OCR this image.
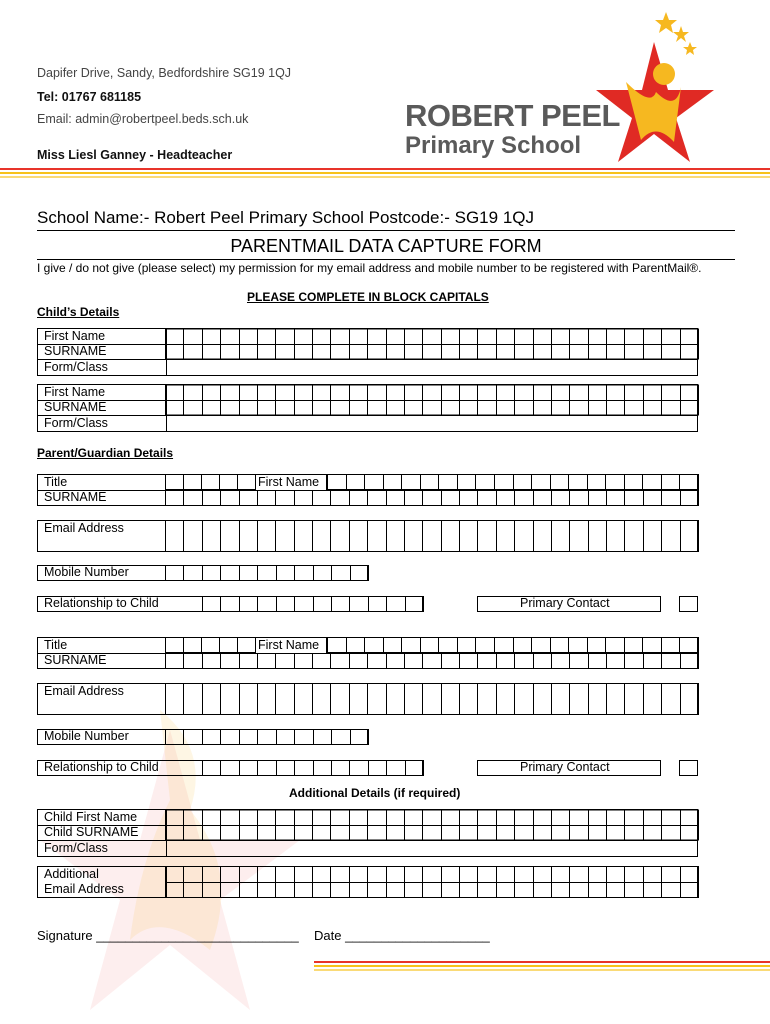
Dapifer Drive, Sandy, Bedfordshire SG19 1QJ
Tel: 01767 681185
Email: admin@robertpeel.beds.sch.uk
Miss Liesl Ganney - Headteacher
ROBERT PEEL
Primary School
School Name:- Robert Peel Primary School Postcode:- SG19 1QJ
PARENTMAIL DATA CAPTURE FORM
I give / do not give (please select) my permission for my email address and mobile number to be registered with ParentMail®.
PLEASE COMPLETE IN BLOCK CAPITALS
Child’s Details
First Name
SURNAME
Form/Class
First Name
SURNAME
Form/Class
Parent/Guardian Details
Title
SURNAME
First Name
Email Address
Mobile Number
Relationship to Child	Primary Contact
Title
SURNAME
First Name
Email Address
Mobile Number
Relationship to Child	Primary Contact
Additional Details (if required)
Child First Name
Child SURNAME
Form/Class
Additional
Email Address
Signature ____________________________ Date ____________________
